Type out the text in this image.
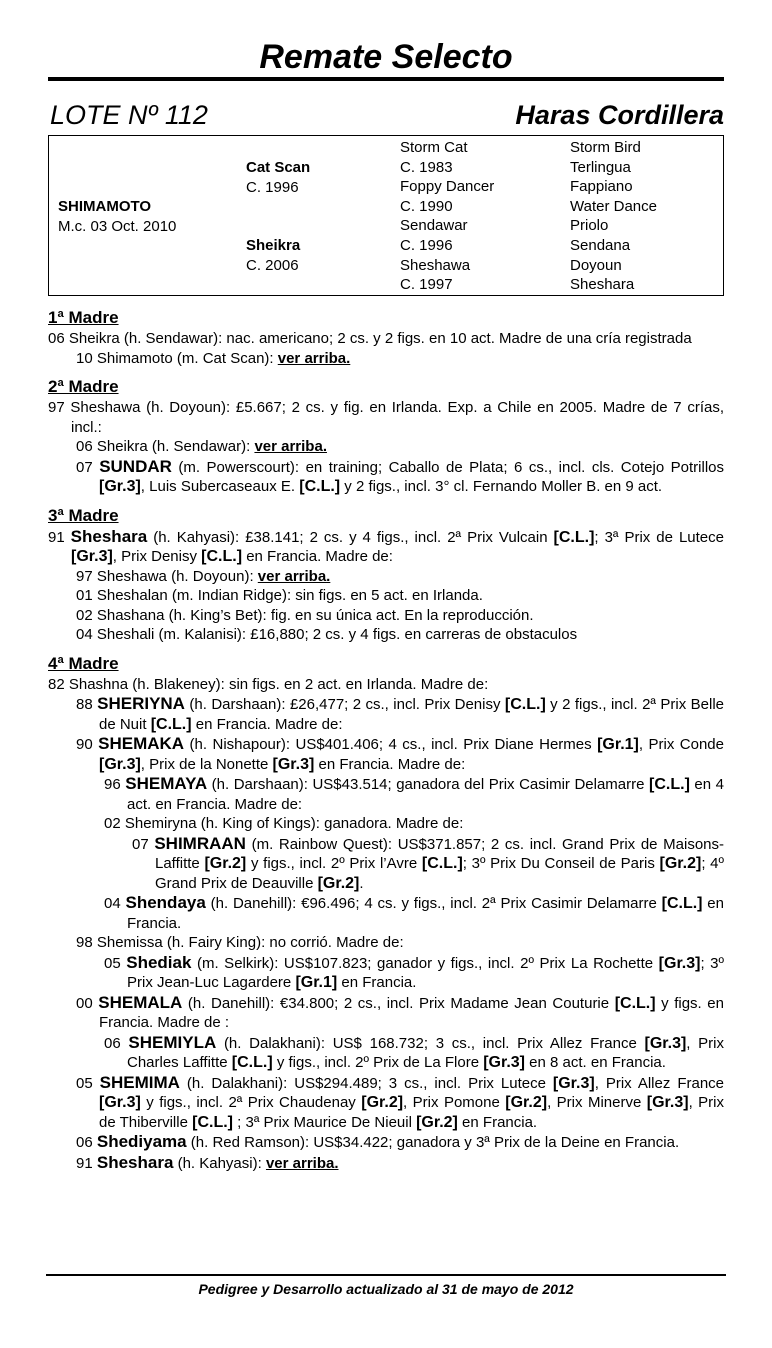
Remate Selecto
LOTE Nº 112	Haras Cordillera
SHIMAMOTO
M.c. 03 Oct. 2010
Cat Scan
C. 1996
Sheikra
C. 2006
Storm Cat
C. 1983
Foppy Dancer
C. 1990
Sendawar
C. 1996
Sheshawa
C. 1997
Storm Bird
Terlingua
Fappiano
Water Dance
Priolo
Sendana
Doyoun
Sheshara
1ª Madre
06 Sheikra (h. Sendawar): nac. americano; 2 cs. y 2 figs. en 10 act. Madre de una cría registrada
10 Shimamoto (m. Cat Scan): ver arriba.
2ª Madre
97 Sheshawa (h. Doyoun): £5.667; 2 cs. y fig. en Irlanda. Exp. a Chile en 2005. Madre de 7 crías, incl.:
06 Sheikra (h. Sendawar): ver arriba.
07 SUNDAR (m. Powerscourt): en training; Caballo de Plata; 6 cs., incl. cls. Cotejo Potrillos [Gr.3], Luis Subercaseaux E. [C.L.] y 2 figs., incl. 3° cl. Fernando Moller B. en 9 act.
3ª Madre
91 Sheshara (h. Kahyasi): £38.141; 2 cs. y 4 figs., incl. 2ª Prix Vulcain [C.L.]; 3ª Prix de Lutece [Gr.3], Prix Denisy [C.L.] en Francia. Madre de:
97 Sheshawa (h. Doyoun): ver arriba.
01 Sheshalan (m. Indian Ridge): sin figs. en 5 act. en Irlanda.
02 Shashana (h. King’s Bet): fig. en su única act. En la reproducción.
04 Sheshali (m. Kalanisi): £16,880; 2 cs. y 4 figs. en carreras de obstaculos
4ª Madre
82 Shashna (h. Blakeney): sin figs. en 2 act. en Irlanda. Madre de:
88 SHERIYNA (h. Darshaan): £26,477; 2 cs., incl. Prix Denisy [C.L.] y 2 figs., incl. 2ª Prix Belle de Nuit [C.L.] en Francia. Madre de:
90 SHEMAKA (h. Nishapour): US$401.406; 4 cs., incl. Prix Diane Hermes [Gr.1], Prix Conde [Gr.3], Prix de la Nonette [Gr.3] en Francia. Madre de:
96 SHEMAYA (h. Darshaan): US$43.514; ganadora del Prix Casimir Delamarre [C.L.] en 4 act. en Francia. Madre de:
02 Shemiryna (h. King of Kings): ganadora. Madre de:
07 SHIMRAAN (m. Rainbow Quest): US$371.857; 2 cs. incl. Grand Prix de Maisons-Laffitte [Gr.2] y figs., incl. 2º Prix l’Avre [C.L.]; 3º Prix Du Conseil de Paris [Gr.2]; 4º Grand Prix de Deauville [Gr.2].
04 Shendaya (h. Danehill): €96.496; 4 cs. y figs., incl. 2ª Prix Casimir Delamarre [C.L.] en Francia.
98 Shemissa (h. Fairy King): no corrió. Madre de:
05 Shediak (m. Selkirk): US$107.823; ganador y figs., incl. 2º Prix La Rochette [Gr.3]; 3º Prix Jean-Luc Lagardere [Gr.1] en Francia.
00 SHEMALA (h. Danehill): €34.800; 2 cs., incl. Prix Madame Jean Couturie [C.L.] y figs. en Francia. Madre de :
06 SHEMIYLA (h. Dalakhani): US$ 168.732; 3 cs., incl. Prix Allez France [Gr.3], Prix Charles Laffitte [C.L.] y figs., incl. 2º Prix de La Flore [Gr.3] en 8 act. en Francia.
05 SHEMIMA (h. Dalakhani): US$294.489; 3 cs., incl. Prix Lutece [Gr.3], Prix Allez France [Gr.3] y figs., incl. 2ª Prix Chaudenay [Gr.2], Prix Pomone [Gr.2], Prix Minerve [Gr.3], Prix de Thiberville [C.L.] ; 3ª Prix Maurice De Nieuil [Gr.2] en Francia.
06 Shediyama (h. Red Ramson): US$34.422; ganadora y 3ª Prix de la Deine en Francia.
91 Sheshara (h. Kahyasi): ver arriba.
Pedigree y Desarrollo actualizado al 31 de mayo de 2012
